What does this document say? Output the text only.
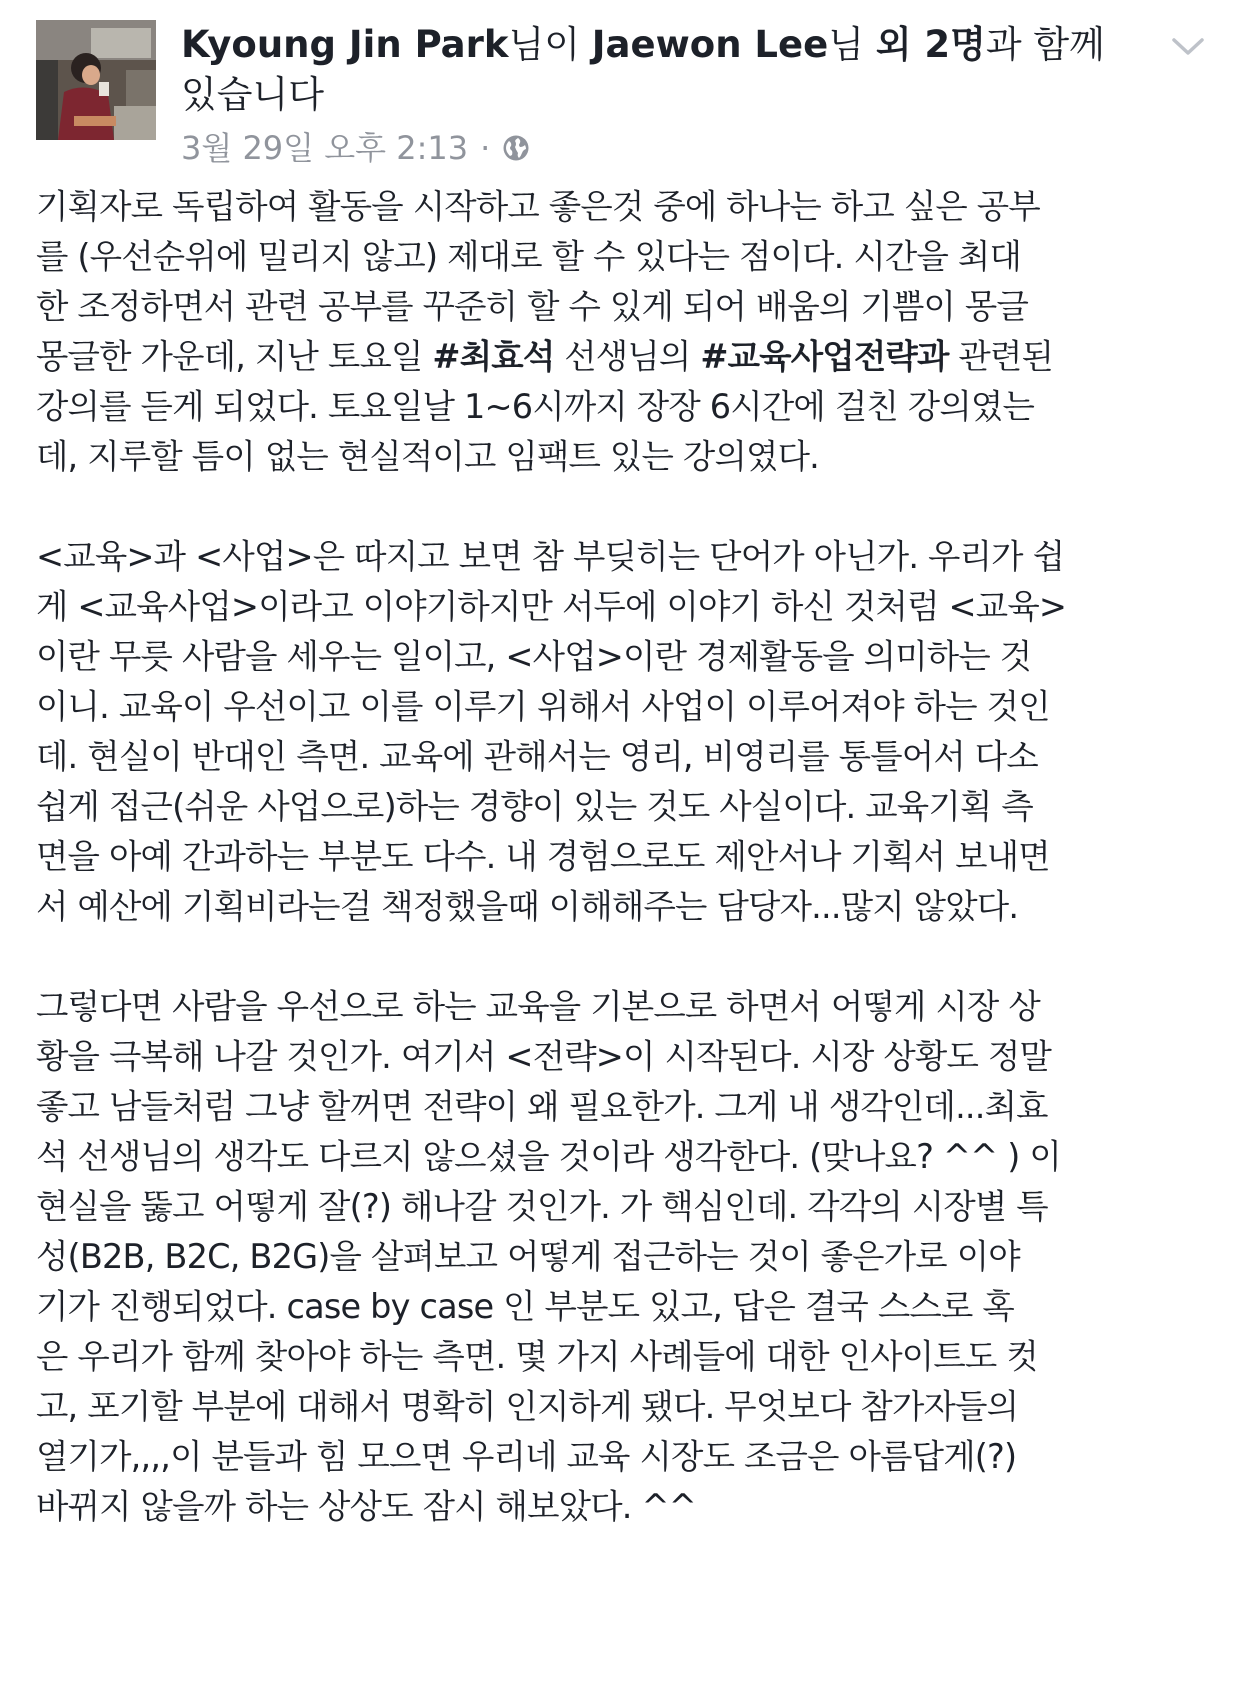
Kyoung Jin Park님이 Jaewon Lee님 외 2명과 함께
있습니다

3월 29일 오후 2:13 ·
기획자로 독립하여 활동을 시작하고 좋은것 중에 하나는 하고 싶은 공부
를 (우선순위에 밀리지 않고) 제대로 할 수 있다는 점이다. 시간을 최대
한 조정하면서 관련 공부를 꾸준히 할 수 있게 되어 배움의 기쁨이 몽글
몽글한 가운데, 지난 토요일 #최효석 선생님의 #교육사업전략과 관련된
강의를 듣게 되었다. 토요일날 1~6시까지 장장 6시간에 걸친 강의였는
데, 지루할 틈이 없는 현실적이고 임팩트 있는 강의였다.
<교육>과 <사업>은 따지고 보면 참 부딪히는 단어가 아닌가. 우리가 쉽
게 <교육사업>이라고 이야기하지만 서두에 이야기 하신 것처럼 <교육>
이란 무릇 사람을 세우는 일이고, <사업>이란 경제활동을 의미하는 것
이니. 교육이 우선이고 이를 이루기 위해서 사업이 이루어져야 하는 것인
데. 현실이 반대인 측면. 교육에 관해서는 영리, 비영리를 통틀어서 다소
쉽게 접근(쉬운 사업으로)하는 경향이 있는 것도 사실이다. 교육기획 측
면을 아예 간과하는 부분도 다수. 내 경험으로도 제안서나 기획서 보내면
서 예산에 기획비라는걸 책정했을때 이해해주는 담당자...많지 않았다.
그렇다면 사람을 우선으로 하는 교육을 기본으로 하면서 어떻게 시장 상
황을 극복해 나갈 것인가. 여기서 <전략>이 시작된다. 시장 상황도 정말
좋고 남들처럼 그냥 할꺼면 전략이 왜 필요한가. 그게 내 생각인데...최효
석 선생님의 생각도 다르지 않으셨을 것이라 생각한다. (맞나요? ^^ ) 이
현실을 뚫고 어떻게 잘(?) 해나갈 것인가. 가 핵심인데. 각각의 시장별 특
성(B2B, B2C, B2G)을 살펴보고 어떻게 접근하는 것이 좋은가로 이야
기가 진행되었다. case by case 인 부분도 있고, 답은 결국 스스로 혹
은 우리가 함께 찾아야 하는 측면. 몇 가지 사례들에 대한 인사이트도 컷
고, 포기할 부분에 대해서 명확히 인지하게 됐다. 무엇보다 참가자들의
열기가,,,,이 분들과 힘 모으면 우리네 교육 시장도 조금은 아름답게(?)
바뀌지 않을까 하는 상상도 잠시 해보았다. ^^
